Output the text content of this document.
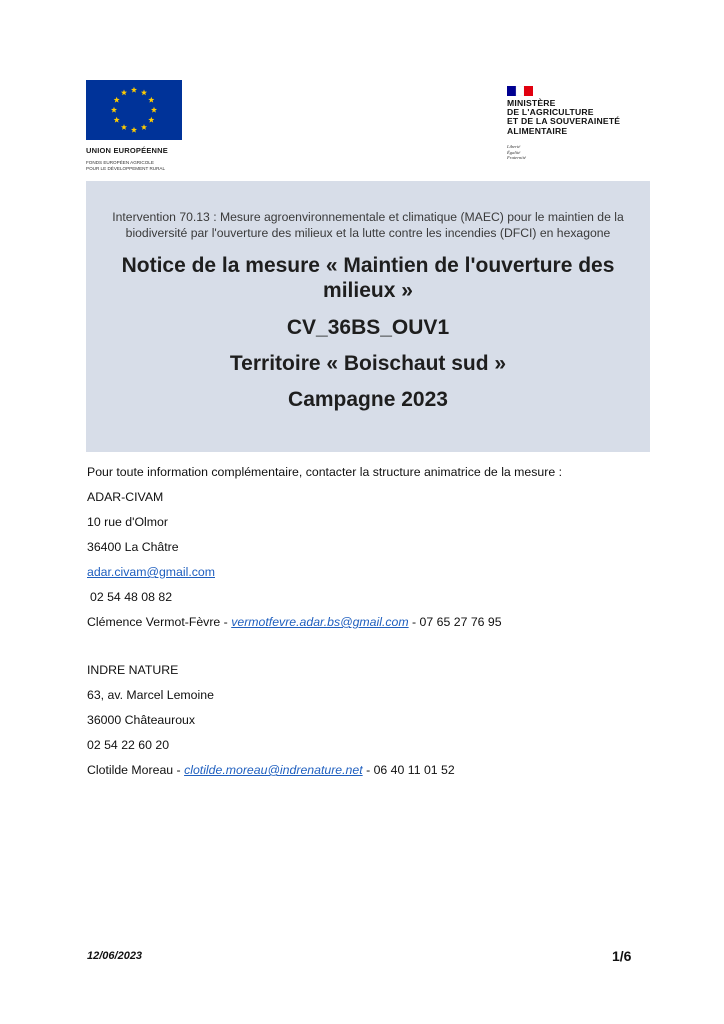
UNION EUROPÉENNE
FONDS EUROPÉEN AGRICOLE
POUR LE DÉVELOPPEMENT RURAL
MINISTÈRE
DE L'AGRICULTURE
ET DE LA SOUVERAINETÉ
ALIMENTAIRE
Liberté
Égalité
Fraternité
Intervention 70.13 : Mesure agroenvironnementale et climatique (MAEC) pour le maintien de la biodiversité par l'ouverture des milieux et la lutte contre les incendies (DFCI) en hexagone
Notice de la mesure « Maintien de l'ouverture des milieux »
CV_36BS_OUV1
Territoire « Boischaut sud »
Campagne 2023
Pour toute information complémentaire, contacter la structure animatrice de la mesure :
ADAR-CIVAM
10 rue d'Olmor
36400 La Châtre
adar.civam@gmail.com
02 54 48 08 82
Clémence Vermot-Fèvre - vermotfevre.adar.bs@gmail.com - 07 65 27 76 95
INDRE NATURE
63, av. Marcel Lemoine
36000 Châteauroux
02 54 22 60 20
Clotilde Moreau - clotilde.moreau@indrenature.net - 06 40 11 01 52
12/06/2023	1/6
